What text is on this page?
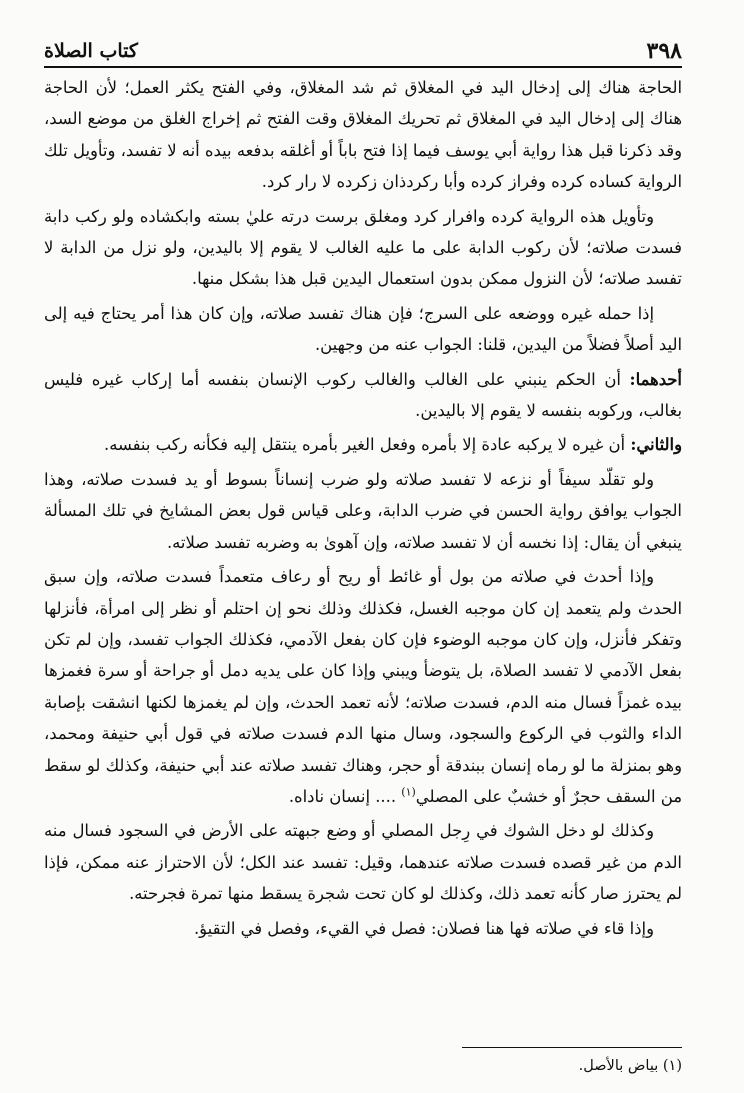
٣٩٨
كتاب الصلاة

الحاجة هناك إلى إدخال اليد في المغلاق ثم شد المغلاق، وفي الفتح يكثر العمل؛ لأن الحاجة هناك إلى إدخال اليد في المغلاق ثم تحريك المغلاق وقت الفتح ثم إخراج الغلق من موضع السد، وقد ذكرنا قبل هذا رواية أبي يوسف فيما إذا فتح باباً أو أغلقه بدفعه بيده أنه لا تفسد، وتأويل تلك الرواية كساده كرده وفراز كرده وأبا ركردذان زكرده لا رار كرد.

وتأويل هذه الرواية كرده وافرار كرد ومغلق برست درته عليٰ بسته وابكشاده ولو ركب دابة فسدت صلاته؛ لأن ركوب الدابة على ما عليه الغالب لا يقوم إلا باليدين، ولو نزل من الدابة لا تفسد صلاته؛ لأن النزول ممكن بدون استعمال اليدين قبل هذا بشكل منها.

إذا حمله غيره ووضعه على السرج؛ فإن هناك تفسد صلاته، وإن كان هذا أمر يحتاج فيه إلى اليد أصلاً فضلاً من اليدين، قلنا: الجواب عنه من وجهين.

أحدهما: أن الحكم ينبني على الغالب والغالب ركوب الإنسان بنفسه أما إركاب غيره فليس بغالب، وركوبه بنفسه لا يقوم إلا باليدين.

والثاني: أن غيره لا يركبه عادة إلا بأمره وفعل الغير بأمره ينتقل إليه فكأنه ركب بنفسه.

ولو تقلّد سيفاً أو نزعه لا تفسد صلاته ولو ضرب إنساناً بسوط أو يد فسدت صلاته، وهذا الجواب يوافق رواية الحسن في ضرب الدابة، وعلى قياس قول بعض المشايخ في تلك المسألة ينبغي أن يقال: إذا نخسه أن لا تفسد صلاته، وإن آهوىٰ به وضربه تفسد صلاته.

وإذا أحدث في صلاته من بول أو غائط أو ريح أو رعاف متعمداً فسدت صلاته، وإن سبق الحدث ولم يتعمد إن كان موجبه الغسل، فكذلك وذلك نحو إن احتلم أو نظر إلى امرأة، فأنزلها وتفكر فأنزل، وإن كان موجبه الوضوء فإن كان بفعل الآدمي، فكذلك الجواب تفسد، وإن لم تكن بفعل الآدمي لا تفسد الصلاة، بل يتوضأ ويبني وإذا كان على يديه دمل أو جراحة أو سرة فغمزها بيده غمزاً فسال منه الدم، فسدت صلاته؛ لأنه تعمد الحدث، وإن لم يغمزها لكنها انشقت بإصابة الداء والثوب في الركوع والسجود، وسال منها الدم فسدت صلاته في قول أبي حنيفة ومحمد، وهو بمنزلة ما لو رماه إنسان ببندقة أو حجر، وهناك تفسد صلاته عند أبي حنيفة، وكذلك لو سقط من السقف حجرٌ أو خشبٌ على المصلي$^{(١)}$ .... إنسان ناداه.

وكذلك لو دخل الشوك في رِجل المصلي أو وضع جبهته على الأرض في السجود فسال منه الدم من غير قصده فسدت صلاته عندهما، وقيل: تفسد عند الكل؛ لأن الاحتراز عنه ممكن، فإذا لم يحترز صار كأنه تعمد ذلك، وكذلك لو كان تحت شجرة يسقط منها تمرة فجرحته.

وإذا قاء في صلاته فها هنا فصلان: فصل في القيء، وفصل في التقيؤ.

(١) بياض بالأصل.
